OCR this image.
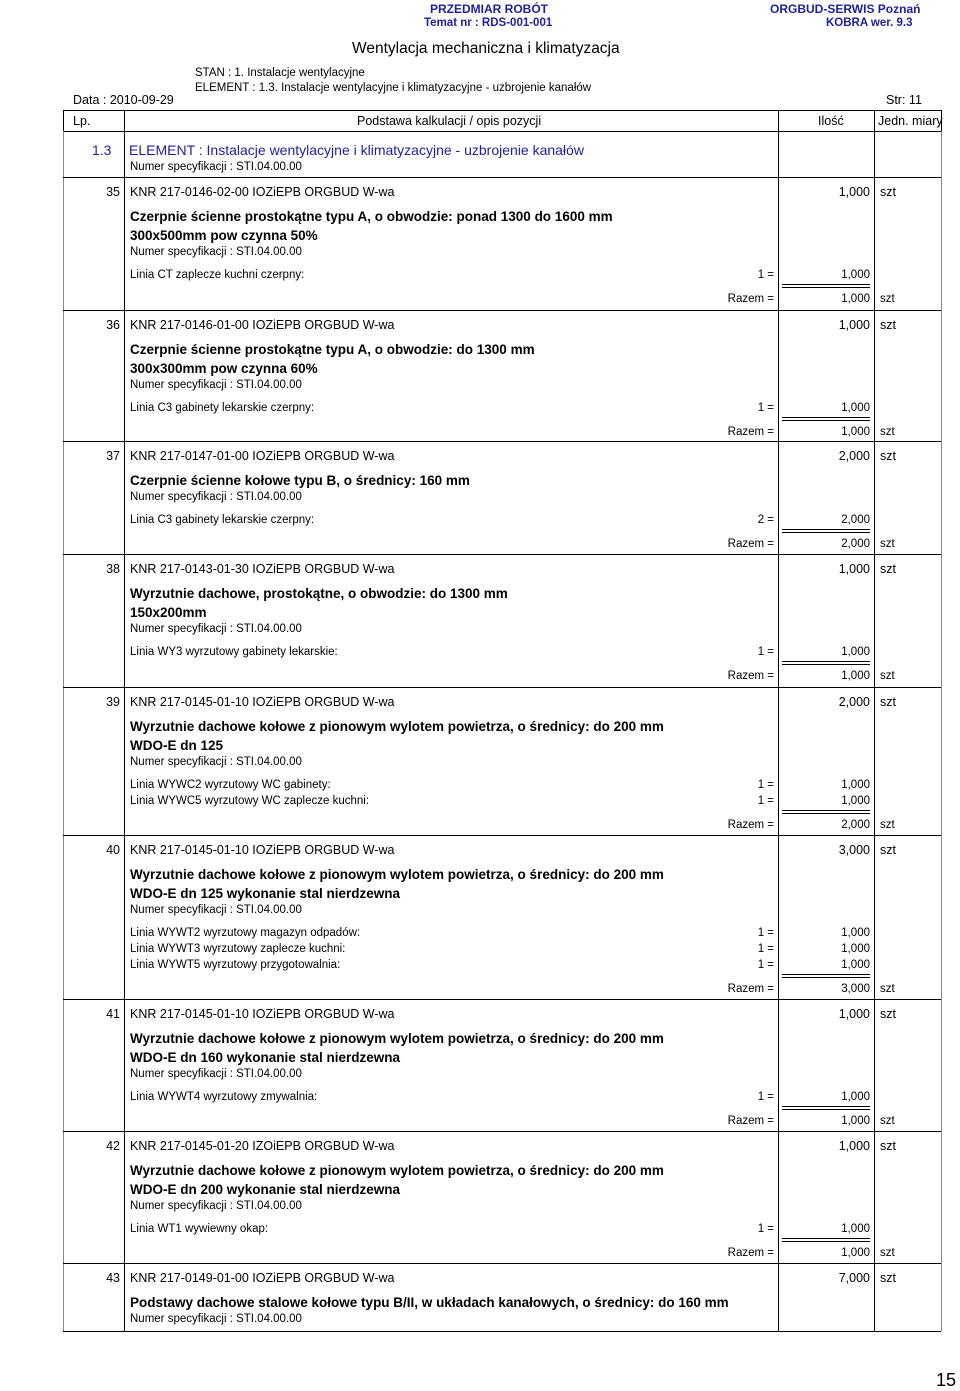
PRZEDMIAR ROBÓT
Temat nr : RDS-001-001
ORGBUD-SERWIS Poznań
KOBRA wer. 9.3
Wentylacja mechaniczna i klimatyzacja
STAN : 1. Instalacje wentylacyjne
ELEMENT : 1.3. Instalacje wentylacyjne i klimatyzacyjne - uzbrojenie kanałów
Data : 2010-09-29	Str: 11
Lp.	Podstawa kalkulacji / opis pozycji	Ilość	Jedn. miary
1.3 ELEMENT : Instalacje wentylacyjne i klimatyzacyjne - uzbrojenie kanałów
Numer specyfikacji : STI.04.00.00
35 KNR 217-0146-02-00 IOZiEPB ORGBUD W-wa	1,000 szt
Czerpnie ścienne prostokątne typu A, o obwodzie: ponad 1300 do 1600 mm
300x500mm pow czynna 50%
Numer specyfikacji : STI.04.00.00
Linia CT zaplecze kuchni czerpny:	1 =	1,000
Razem =	1,000 szt
36 KNR 217-0146-01-00 IOZiEPB ORGBUD W-wa	1,000 szt
Czerpnie ścienne prostokątne typu A, o obwodzie: do 1300 mm
300x300mm pow czynna 60%
Numer specyfikacji : STI.04.00.00
Linia C3 gabinety lekarskie czerpny:	1 =	1,000
Razem =	1,000 szt
37 KNR 217-0147-01-00 IOZiEPB ORGBUD W-wa	2,000 szt
Czerpnie ścienne kołowe typu B, o średnicy: 160 mm
Numer specyfikacji : STI.04.00.00
Linia C3 gabinety lekarskie czerpny:	2 =	2,000
Razem =	2,000 szt
38 KNR 217-0143-01-30 IOZiEPB ORGBUD W-wa	1,000 szt
Wyrzutnie dachowe, prostokątne, o obwodzie: do 1300 mm
150x200mm
Numer specyfikacji : STI.04.00.00
Linia WY3 wyrzutowy gabinety lekarskie:	1 =	1,000
Razem =	1,000 szt
39 KNR 217-0145-01-10 IOZiEPB ORGBUD W-wa	2,000 szt
Wyrzutnie dachowe kołowe z pionowym wylotem powietrza, o średnicy: do 200 mm
WDO-E dn 125
Numer specyfikacji : STI.04.00.00
Linia WYWC2 wyrzutowy WC gabinety:	1 =	1,000
Linia WYWC5 wyrzutowy WC zaplecze kuchni:	1 =	1,000
Razem =	2,000 szt
40 KNR 217-0145-01-10 IOZiEPB ORGBUD W-wa	3,000 szt
Wyrzutnie dachowe kołowe z pionowym wylotem powietrza, o średnicy: do 200 mm
WDO-E dn 125 wykonanie stal nierdzewna
Numer specyfikacji : STI.04.00.00
Linia WYWT2 wyrzutowy magazyn odpadów:	1 =	1,000
Linia WYWT3 wyrzutowy zaplecze kuchni:	1 =	1,000
Linia WYWT5 wyrzutowy przygotowalnia:	1 =	1,000
Razem =	3,000 szt
41 KNR 217-0145-01-10 IOZiEPB ORGBUD W-wa	1,000 szt
Wyrzutnie dachowe kołowe z pionowym wylotem powietrza, o średnicy: do 200 mm
WDO-E dn 160 wykonanie stal nierdzewna
Numer specyfikacji : STI.04.00.00
Linia WYWT4 wyrzutowy zmywalnia:	1 =	1,000
Razem =	1,000 szt
42 KNR 217-0145-01-20 IZOiEPB ORGBUD W-wa	1,000 szt
Wyrzutnie dachowe kołowe z pionowym wylotem powietrza, o średnicy: do 200 mm
WDO-E dn 200 wykonanie stal nierdzewna
Numer specyfikacji : STI.04.00.00
Linia WT1 wywiewny okap:	1 =	1,000
Razem =	1,000 szt
43 KNR 217-0149-01-00 IOZiEPB ORGBUD W-wa	7,000 szt
Podstawy dachowe stalowe kołowe typu B/II, w układach kanałowych, o średnicy: do 160 mm
Numer specyfikacji : STI.04.00.00
15
